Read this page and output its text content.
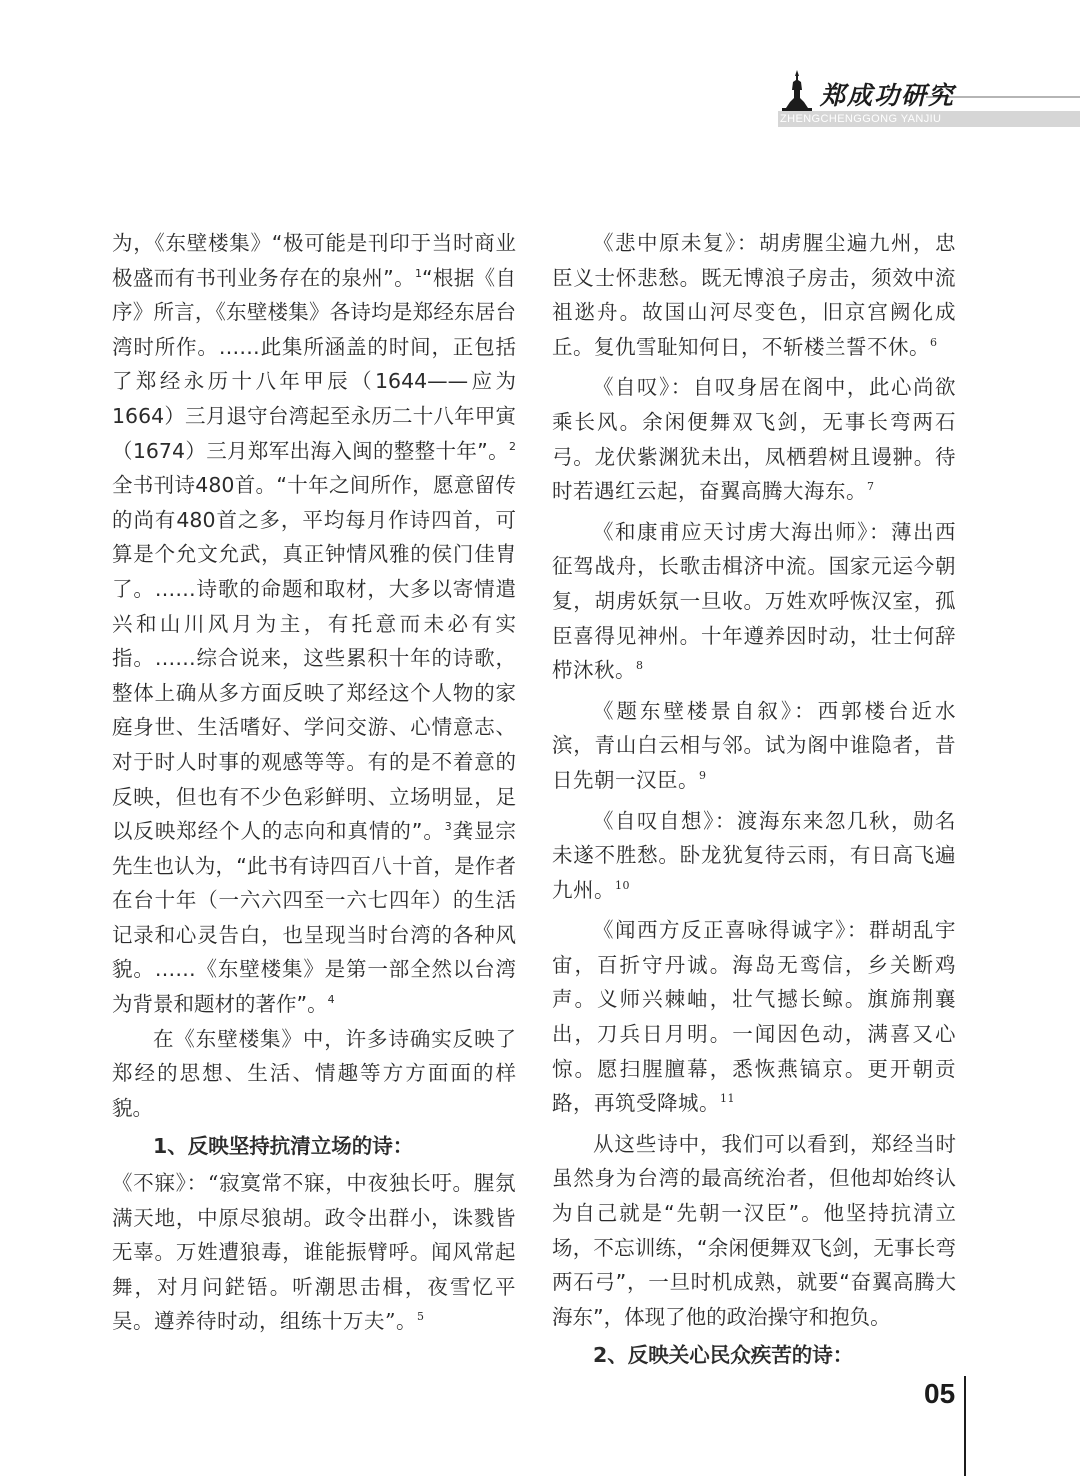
郑成功研究
ZHENGCHENGGONG YANJIU

为，《东壁楼集》“极可能是刊印于当时商业极盛而有书刊业务存在的泉州”。$^1$“根据《自序》所言，《东壁楼集》各诗均是郑经东居台湾时所作。……此集所涵盖的时间，正包括了郑经永历十八年甲辰（1644——应为1664）三月退守台湾起至永历二十八年甲寅（1674）三月郑军出海入闽的整整十年”。$^2$全书刊诗480首。“十年之间所作，愿意留传的尚有480首之多，平均每月作诗四首，可算是个允文允武，真正钟情风雅的侯门佳胄了。……诗歌的命题和取材，大多以寄情遣兴和山川风月为主，有托意而未必有实指。……综合说来，这些累积十年的诗歌，整体上确从多方面反映了郑经这个人物的家庭身世、生活嗜好、学问交游、心情意志、对于时人时事的观感等等。有的是不着意的反映，但也有不少色彩鲜明、立场明显，足以反映郑经个人的志向和真情的”。$^3$龚显宗先生也认为，“此书有诗四百八十首，是作者在台十年（一六六四至一六七四年）的生活记录和心灵告白，也呈现当时台湾的各种风貌。……《东壁楼集》是第一部全然以台湾为背景和题材的著作”。$^4$

在《东壁楼集》中，许多诗确实反映了郑经的思想、生活、情趣等方方面面的样貌。

1、反映坚持抗清立场的诗：

《不寐》：“寂寞常不寐，中夜独长吁。腥氛满天地，中原尽狼胡。政令出群小，诛戮皆无辜。万姓遭狼毒，谁能振臂呼。闻风常起舞，对月问鋩铻。听潮思击楫，夜雪忆平吴。遵养待时动，组练十万夫”。$^5$

《悲中原未复》：胡虏腥尘遍九州，忠臣义士怀悲愁。既无博浪子房击，须效中流祖逖舟。故国山河尽变色，旧京宫阙化成丘。复仇雪耻知何日，不斩楼兰誓不休。$^6$

《自叹》：自叹身居在阁中，此心尚欲乘长风。余闲便舞双飞剑，无事长弯两石弓。龙伏紫渊犹未出，凤栖碧树且谩翀。待时若遇红云起，奋翼高腾大海东。$^7$

《和康甫应天讨虏大海出师》：薄出西征驾战舟，长歌击楫济中流。国家元运今朝复，胡虏妖氛一旦收。万姓欢呼恢汉室，孤臣喜得见神州。十年遵养因时动，壮士何辞栉沐秋。$^8$

《题东壁楼景自叙》：西郭楼台近水滨，青山白云相与邻。试为阁中谁隐者，昔日先朝一汉臣。$^9$

《自叹自想》：渡海东来忽几秋，勋名未遂不胜愁。卧龙犹复待云雨，有日高飞遍九州。$^{10}$

《闻西方反正喜咏得诚字》：群胡乱宇宙，百折守丹诚。海岛无鸾信，乡关断鸡声。义师兴棘岫，壮气撼长鲸。旗旆荆襄出，刀兵日月明。一闻因色动，满喜又心惊。愿扫腥膻幕，悉恢燕镐京。更开朝贡路，再筑受降城。$^{11}$

从这些诗中，我们可以看到，郑经当时虽然身为台湾的最高统治者，但他却始终认为自己就是“先朝一汉臣”。他坚持抗清立场，不忘训练，“余闲便舞双飞剑，无事长弯两石弓”，一旦时机成熟，就要“奋翼高腾大海东”，体现了他的政治操守和抱负。

2、反映关心民众疾苦的诗：

05
